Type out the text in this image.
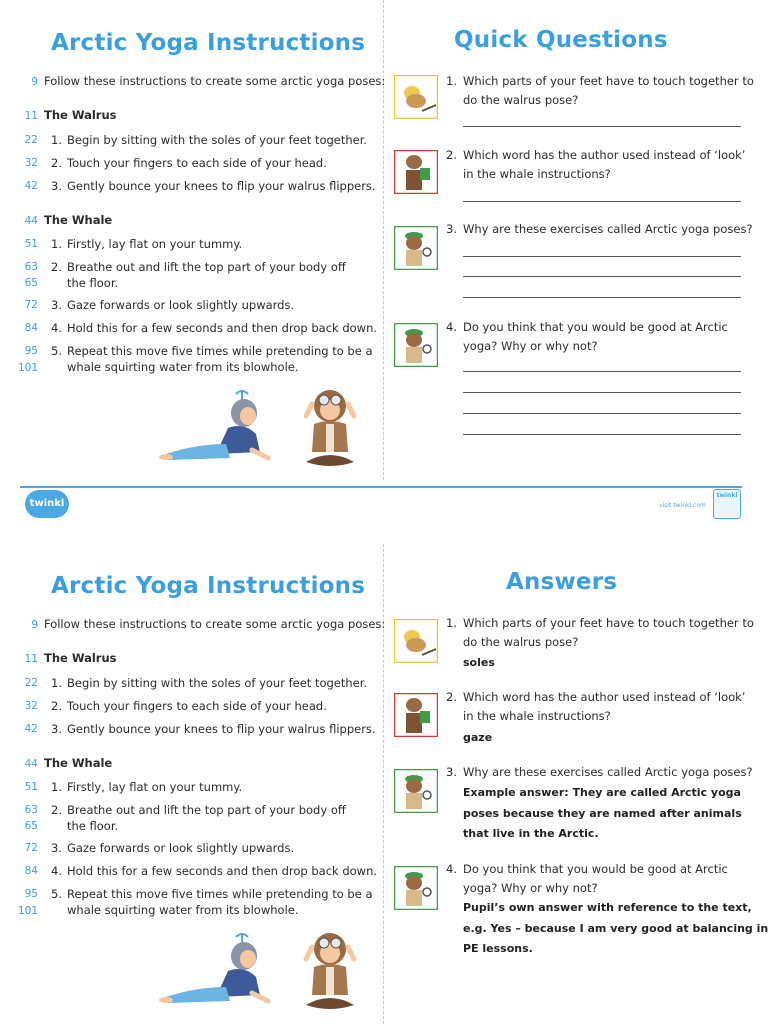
Arctic Yoga Instructions
9 Follow these instructions to create some arctic yoga poses:
11 The Walrus
22 1. Begin by sitting with the soles of your feet together.
32 2. Touch your fingers to each side of your head.
42 3. Gently bounce your knees to flip your walrus flippers.
44 The Whale
51 1. Firstly, lay flat on your tummy.
63
65
2. Breathe out and lift the top part of your body off
the floor.
72 3. Gaze forwards or look slightly upwards.
84 4. Hold this for a few seconds and then drop back down.
95
101
5. Repeat this move five times while pretending to be a
whale squirting water from its blowhole.
Quick Questions
1. Which parts of your feet have to touch together to
do the walrus pose?
2. Which word has the author used instead of ‘look’
in the whale instructions?
3. Why are these exercises called Arctic yoga poses?
4. Do you think that you would be good at Arctic
yoga? Why or why not?
twinkl	visit twinkl.com
twinkl
Arctic Yoga Instructions
9 Follow these instructions to create some arctic yoga poses:
11 The Walrus
22 1. Begin by sitting with the soles of your feet together.
32 2. Touch your fingers to each side of your head.
42 3. Gently bounce your knees to flip your walrus flippers.
44 The Whale
51 1. Firstly, lay flat on your tummy.
63
65
2. Breathe out and lift the top part of your body off
the floor.
72 3. Gaze forwards or look slightly upwards.
84 4. Hold this for a few seconds and then drop back down.
95
101
5. Repeat this move five times while pretending to be a
whale squirting water from its blowhole.
Answers
1. Which parts of your feet have to touch together to
do the walrus pose?
soles
2. Which word has the author used instead of ‘look’
in the whale instructions?
gaze
3. Why are these exercises called Arctic yoga poses?
Example answer: They are called Arctic yoga
poses because they are named after animals
that live in the Arctic.
4. Do you think that you would be good at Arctic
yoga? Why or why not?
Pupil’s own answer with reference to the text,
e.g. Yes – because I am very good at balancing in
PE lessons.
